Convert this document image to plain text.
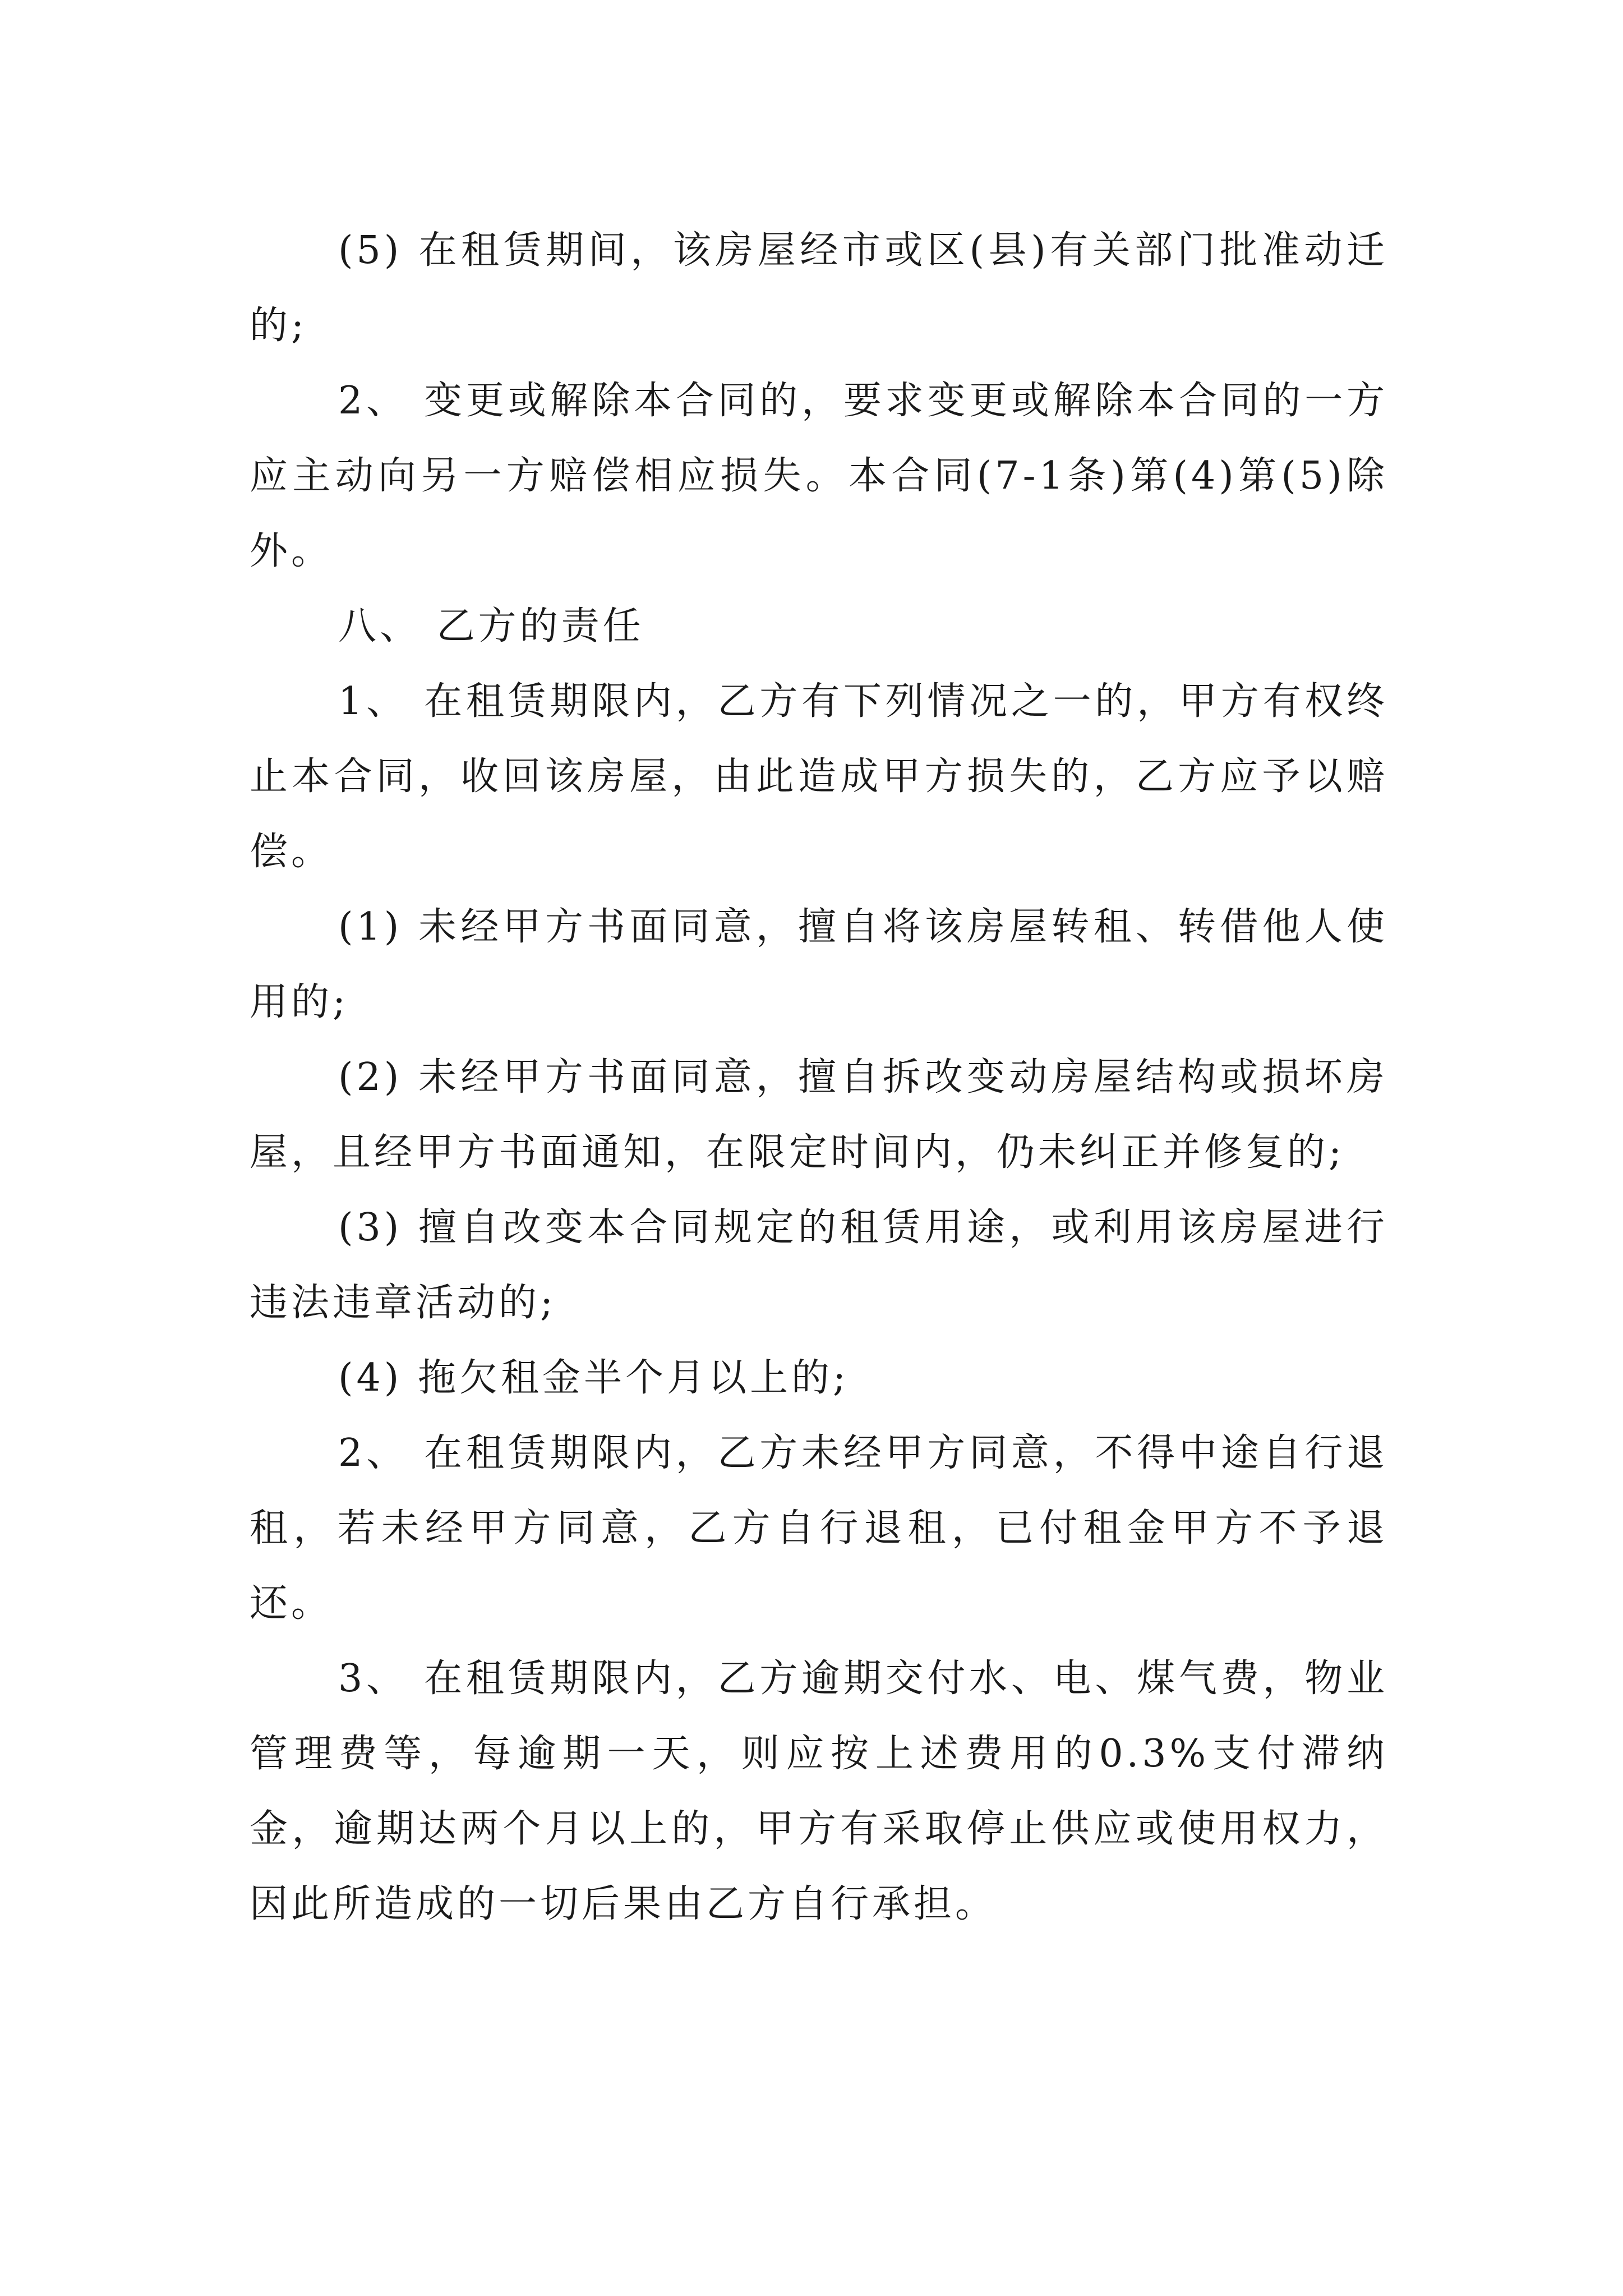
(5) 在租赁期间，该房屋经市或区(县)有关部门批准动迁的;

2、 变更或解除本合同的，要求变更或解除本合同的一方应主动向另一方赔偿相应损失。本合同(7-1条)第(4)第(5)除外。

八、 乙方的责任

1、 在租赁期限内，乙方有下列情况之一的，甲方有权终止本合同，收回该房屋，由此造成甲方损失的，乙方应予以赔偿。

(1) 未经甲方书面同意，擅自将该房屋转租、转借他人使用的;

(2) 未经甲方书面同意，擅自拆改变动房屋结构或损坏房屋，且经甲方书面通知，在限定时间内，仍未纠正并修复的;

(3) 擅自改变本合同规定的租赁用途，或利用该房屋进行违法违章活动的;

(4) 拖欠租金半个月以上的;

2、 在租赁期限内，乙方未经甲方同意，不得中途自行退租，若未经甲方同意，乙方自行退租，已付租金甲方不予退还。

3、 在租赁期限内，乙方逾期交付水、电、煤气费，物业管理费等，每逾期一天，则应按上述费用的0.3%支付滞纳金，逾期达两个月以上的，甲方有采取停止供应或使用权力，因此所造成的一切后果由乙方自行承担。
